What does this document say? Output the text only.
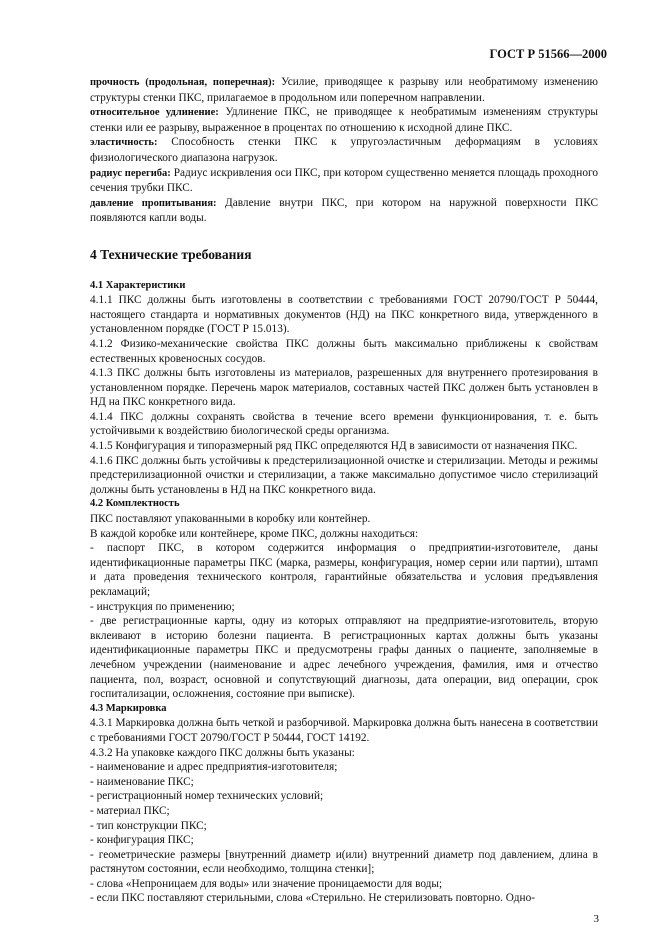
ГОСТ Р 51566—2000

прочность (продольная, поперечная): Усилие, приводящее к разрыву или необратимому изменению структуры стенки ПКС, прилагаемое в продольном или поперечном направлении.

относительное удлинение: Удлинение ПКС, не приводящее к необратимым изменениям структуры стенки или ее разрыву, выраженное в процентах по отношению к исходной длине ПКС.

эластичность: Способность стенки ПКС к упругоэластичным деформациям в условиях физиологического диапазона нагрузок.

радиус перегиба: Радиус искривления оси ПКС, при котором существенно меняется площадь проходного сечения трубки ПКС.

давление пропитывания: Давление внутри ПКС, при котором на наружной поверхности ПКС появляются капли воды.

4 Технические требования

4.1 Характеристики

4.1.1 ПКС должны быть изготовлены в соответствии с требованиями ГОСТ 20790/ГОСТ Р 50444, настоящего стандарта и нормативных документов (НД) на ПКС конкретного вида, утвержденного в установленном порядке (ГОСТ Р 15.013).

4.1.2 Физико-механические свойства ПКС должны быть максимально приближены к свойствам естественных кровеносных сосудов.

4.1.3 ПКС должны быть изготовлены из материалов, разрешенных для внутреннего протезирования в установленном порядке. Перечень марок материалов, составных частей ПКС должен быть установлен в НД на ПКС конкретного вида.

4.1.4 ПКС должны сохранять свойства в течение всего времени функционирования, т. е. быть устойчивыми к воздействию биологической среды организма.

4.1.5 Конфигурация и типоразмерный ряд ПКС определяются НД в зависимости от назначения ПКС.

4.1.6 ПКС должны быть устойчивы к предстерилизационной очистке и стерилизации. Методы и режимы предстерилизационной очистки и стерилизации, а также максимально допустимое число стерилизаций должны быть установлены в НД на ПКС конкретного вида.

4.2 Комплектность

ПКС поставляют упакованными в коробку или контейнер.

В каждой коробке или контейнере, кроме ПКС, должны находиться:

- паспорт ПКС, в котором содержится информация о предприятии-изготовителе, даны идентификационные параметры ПКС (марка, размеры, конфигурация, номер серии или партии), штамп и дата проведения технического контроля, гарантийные обязательства и условия предъявления рекламаций;

- инструкция по применению;

- две регистрационные карты, одну из которых отправляют на предприятие-изготовитель, вторую вклеивают в историю болезни пациента. В регистрационных картах должны быть указаны идентификационные параметры ПКС и предусмотрены графы данных о пациенте, заполняемые в лечебном учреждении (наименование и адрес лечебного учреждения, фамилия, имя и отчество пациента, пол, возраст, основной и сопутствующий диагнозы, дата операции, вид операции, срок госпитализации, осложнения, состояние при выписке).

4.3 Маркировка

4.3.1 Маркировка должна быть четкой и разборчивой. Маркировка должна быть нанесена в соответствии с требованиями ГОСТ 20790/ГОСТ Р 50444, ГОСТ 14192.

4.3.2 На упаковке каждого ПКС должны быть указаны:

- наименование и адрес предприятия-изготовителя;

- наименование ПКС;

- регистрационный номер технических условий;

- материал ПКС;

- тип конструкции ПКС;

- конфигурация ПКС;

- геометрические размеры [внутренний диаметр и(или) внутренний диаметр под давлением, длина в растянутом состоянии, если необходимо, толщина стенки];

- слова «Непроницаем для воды» или значение проницаемости для воды;

- если ПКС поставляют стерильными, слова «Стерильно. Не стерилизовать повторно. Одно-

3
